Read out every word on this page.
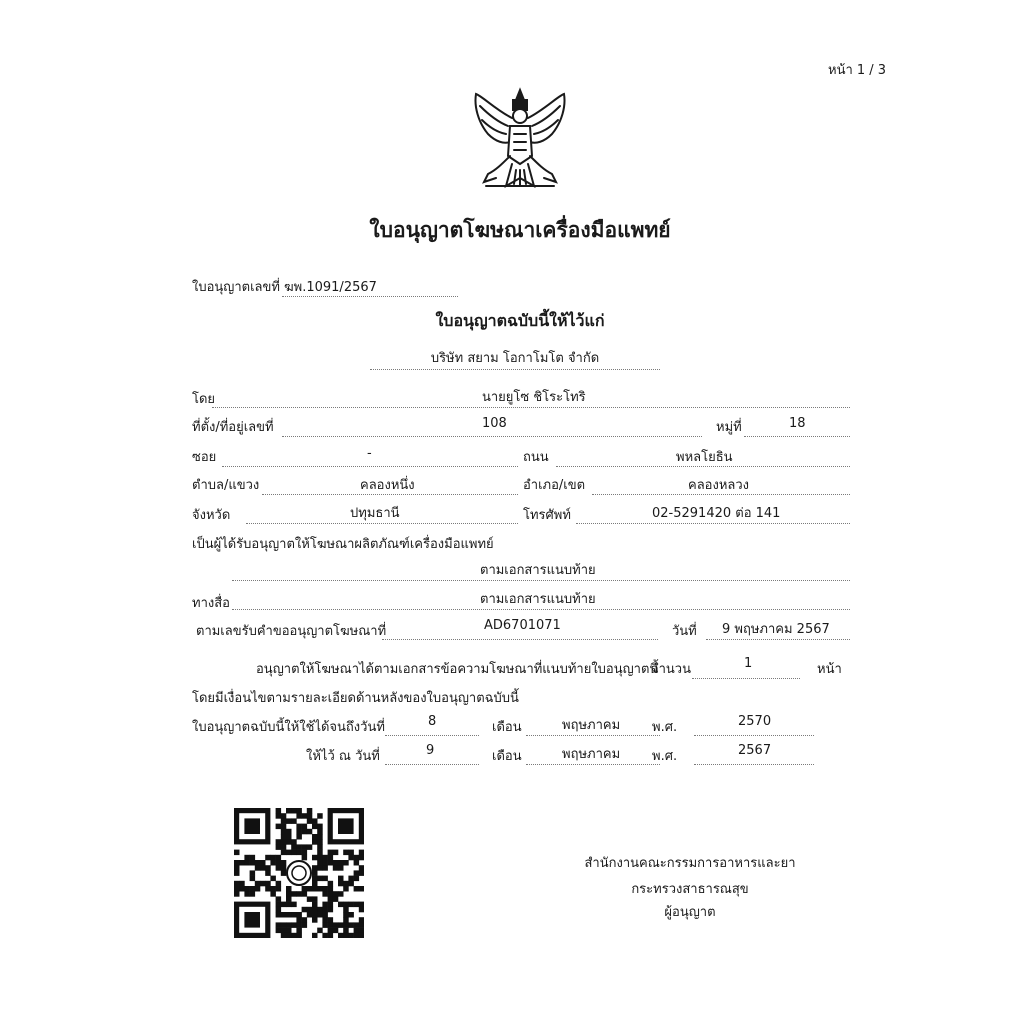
หน้า 1 / 3
ใบอนุญาตโฆษณาเครื่องมือแพทย์
ใบอนุญาตเลขที่ ฆพ.1091/2567
ใบอนุญาตฉบับนี้ให้ไว้แก่
บริษัท สยาม โอกาโมโต จำกัด
โดย	นายยูโซ ชิโระโทริ
ที่ตั้ง/ที่อยู่เลขที่	108	หมู่ที่	18
ซอย	-	ถนน	พหลโยธิน
ตำบล/แขวง	คลองหนึ่ง	อำเภอ/เขต	คลองหลวง
จังหวัด	ปทุมธานี	โทรศัพท์	02-5291420 ต่อ 141
เป็นผู้ได้รับอนุญาตให้โฆษณาผลิตภัณฑ์เครื่องมือแพทย์
ตามเอกสารแนบท้าย
ทางสื่อ	ตามเอกสารแนบท้าย
ตามเลขรับคำขออนุญาตโฆษณาที่	AD6701071	วันที่ 9 พฤษภาคม 2567
อนุญาตให้โฆษณาได้ตามเอกสารข้อความโฆษณาที่แนบท้ายใบอนุญาตนี้
จำนวน	1	หน้า
โดยมีเงื่อนไขตามรายละเอียดด้านหลังของใบอนุญาตฉบับนี้
ใบอนุญาตฉบับนี้ให้ใช้ได้จนถึงวันที่	8	เดือน	พฤษภาคม พ.ศ.	2570
ให้ไว้ ณ วันที่	9	เดือน	พฤษภาคม พ.ศ.	2567
สำนักงานคณะกรรมการอาหารและยา
กระทรวงสาธารณสุข
ผู้อนุญาต
